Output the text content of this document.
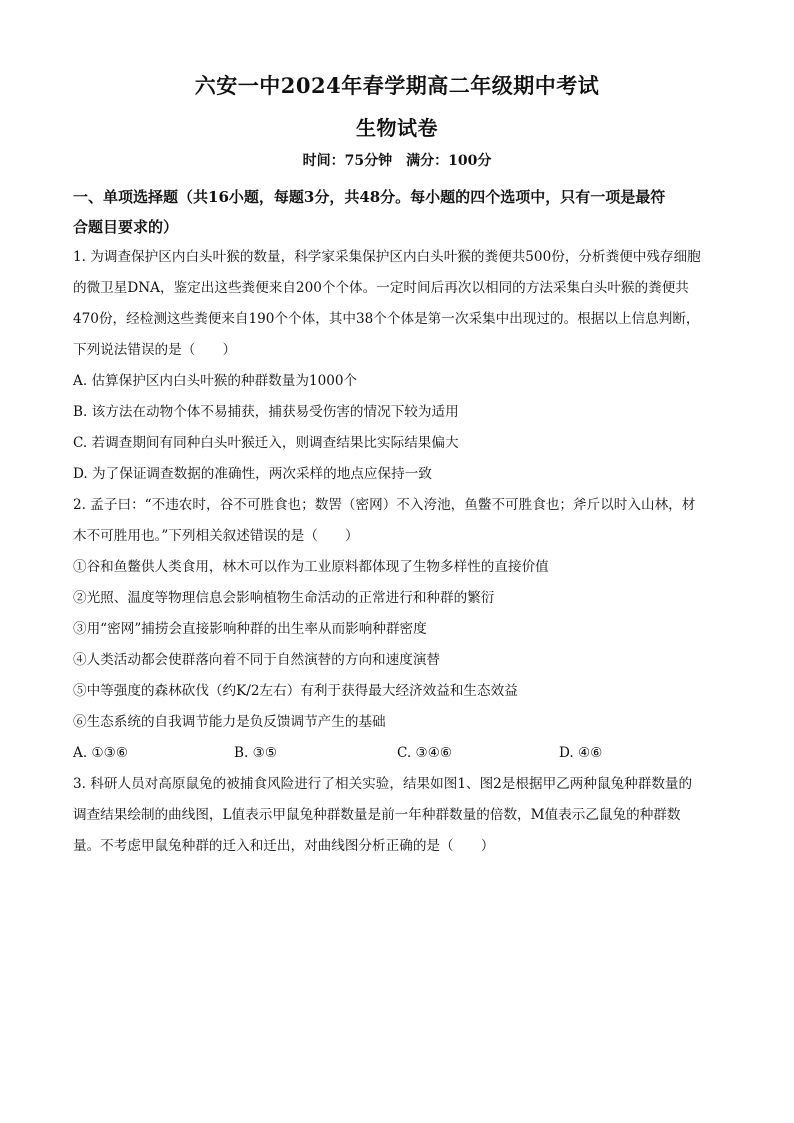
六安一中2024年春学期高二年级期中考试
生物试卷
时间：75分钟 满分：100分
一、单项选择题（共16小题，每题3分，共48分。每小题的四个选项中，只有一项是最符
合题目要求的）
1. 为调查保护区内白头叶猴的数量，科学家采集保护区内白头叶猴的粪便共500份，分析粪便中残存细胞
的微卫星DNA，鉴定出这些粪便来自200个个体。一定时间后再次以相同的方法采集白头叶猴的粪便共
470份，经检测这些粪便来自190个个体，其中38个个体是第一次采集中出现过的。根据以上信息判断，
下列说法错误的是（　　）
A. 估算保护区内白头叶猴的种群数量为1000个
B. 该方法在动物个体不易捕获，捕获易受伤害的情况下较为适用
C. 若调查期间有同种白头叶猴迁入，则调查结果比实际结果偏大
D. 为了保证调查数据的准确性，两次采样的地点应保持一致
2. 孟子曰：“不违农时，谷不可胜食也；数罟（密网）不入洿池，鱼鳖不可胜食也；斧斤以时入山林，材
木不可胜用也。”下列相关叙述错误的是（　　）
①谷和鱼鳖供人类食用，林木可以作为工业原料都体现了生物多样性的直接价值
②光照、温度等物理信息会影响植物生命活动的正常进行和种群的繁衍
③用“密网”捕捞会直接影响种群的出生率从而影响种群密度
④人类活动都会使群落向着不同于自然演替的方向和速度演替
⑤中等强度的森林砍伐（约K/2左右）有利于获得最大经济效益和生态效益
⑥生态系统的自我调节能力是负反馈调节产生的基础
A. ①③⑥	B. ③⑤	C. ③④⑥	D. ④⑥
3. 科研人员对高原鼠兔的被捕食风险进行了相关实验，结果如图1、图2是根据甲乙两种鼠兔种群数量的
调查结果绘制的曲线图，L值表示甲鼠兔种群数量是前一年种群数量的倍数，M值表示乙鼠兔的种群数
量。不考虑甲鼠兔种群的迁入和迁出，对曲线图分析正确的是（　　）
